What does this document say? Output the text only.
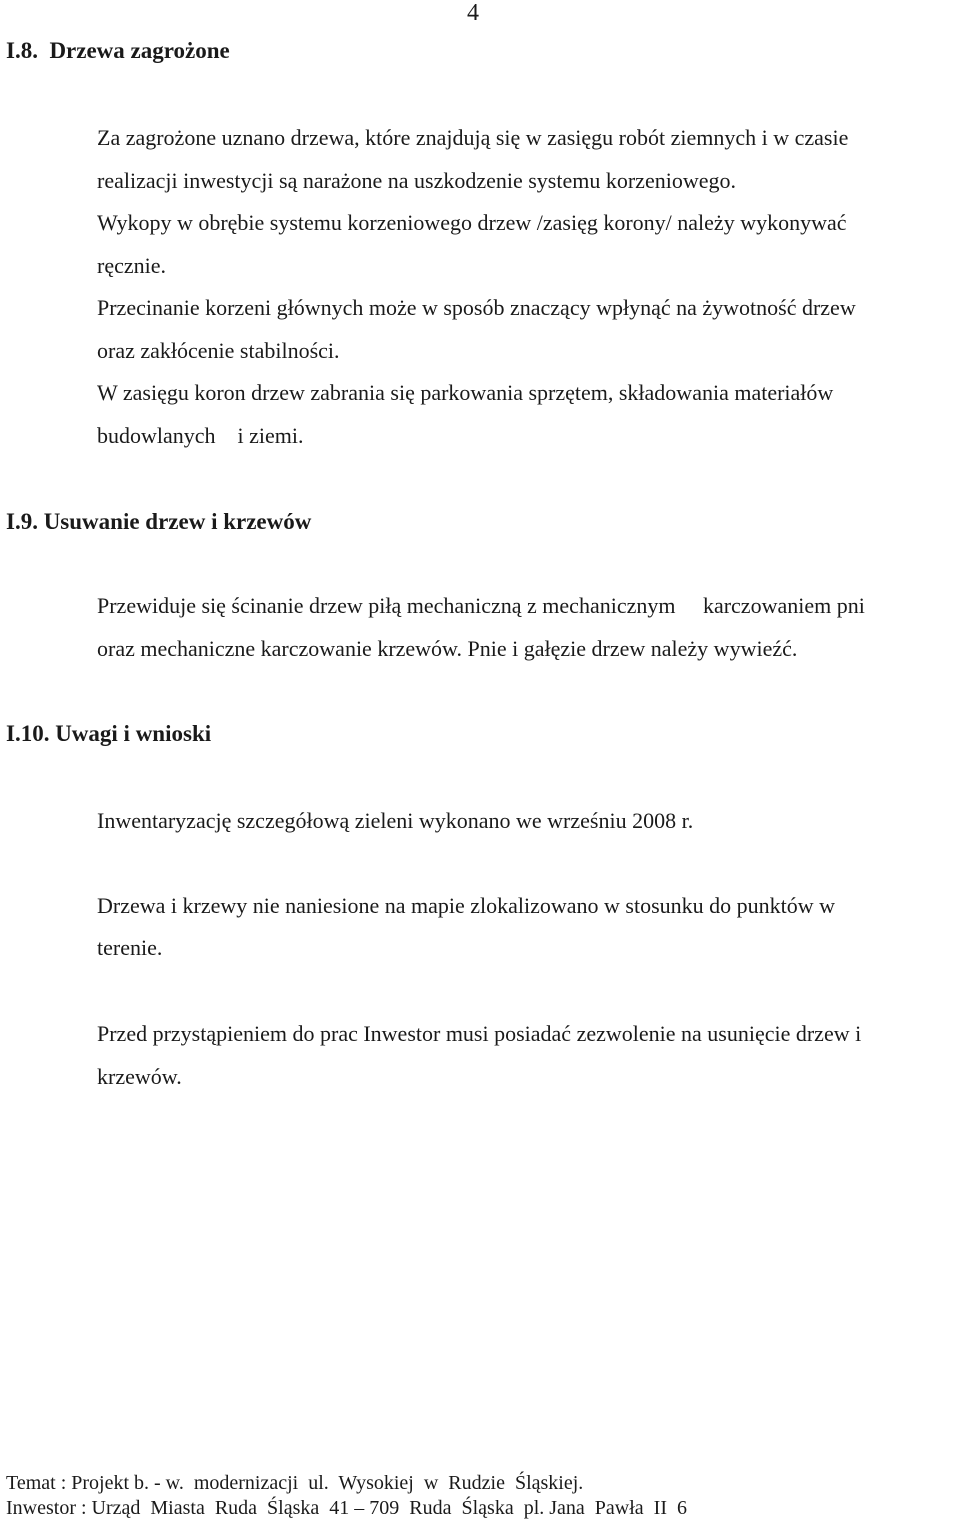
4
I.8.  Drzewa zagrożone
Za zagrożone uznano drzewa, które znajdują się w zasięgu robót ziemnych i w czasie
realizacji inwestycji są narażone na uszkodzenie systemu korzeniowego.
Wykopy w obrębie systemu korzeniowego drzew /zasięg korony/ należy wykonywać
ręcznie.
Przecinanie korzeni głównych może w sposób znaczący wpłynąć na żywotność drzew
oraz zakłócenie stabilności.
W zasięgu koron drzew zabrania się parkowania sprzętem, składowania materiałów
budowlanych    i ziemi.
I.9. Usuwanie drzew i krzewów
Przewiduje się ścinanie drzew piłą mechaniczną z mechanicznym     karczowaniem pni
oraz mechaniczne karczowanie krzewów. Pnie i gałęzie drzew należy wywieźć.
I.10. Uwagi i wnioski
Inwentaryzację szczegółową zieleni wykonano we wrześniu 2008 r.
Drzewa i krzewy nie naniesione na mapie zlokalizowano w stosunku do punktów w
terenie.
Przed przystąpieniem do prac Inwestor musi posiadać zezwolenie na usunięcie drzew i
krzewów.
Temat : Projekt b. - w.  modernizacji  ul.  Wysokiej  w  Rudzie  Śląskiej.
Inwestor : Urząd  Miasta  Ruda  Śląska  41 – 709  Ruda  Śląska  pl. Jana  Pawła  II  6
